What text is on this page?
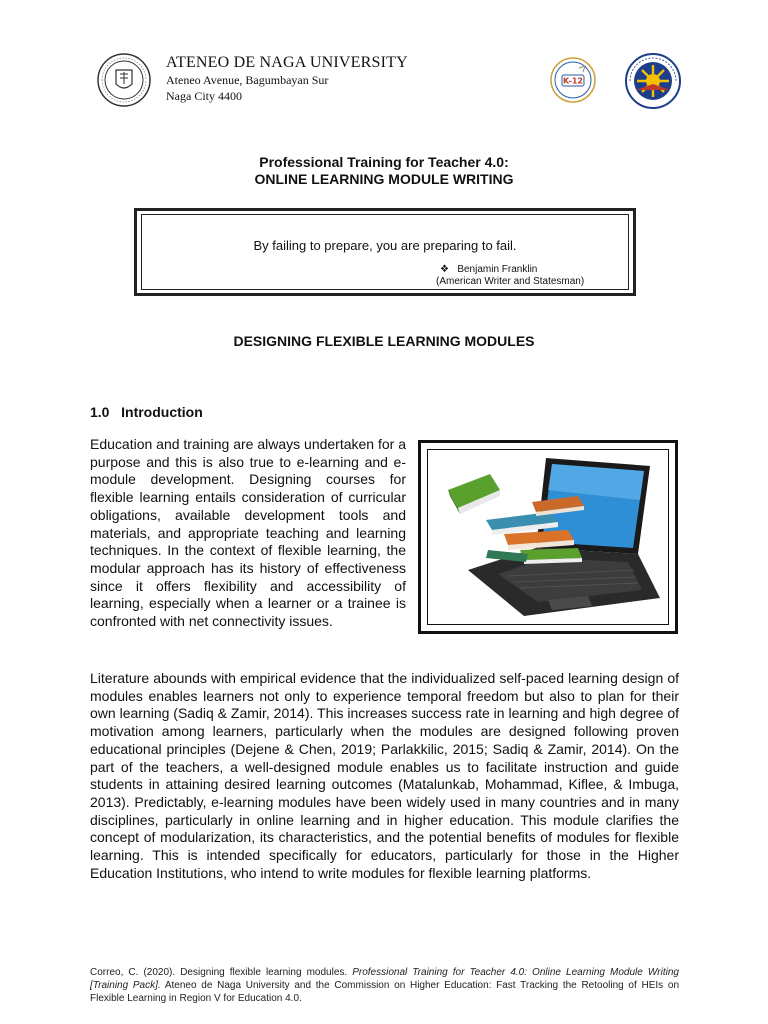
ATENEO DE NAGA UNIVERSITY
Ateneo Avenue, Bagumbayan Sur
Naga City 4400
K-12
Professional Training for Teacher 4.0:
ONLINE LEARNING MODULE WRITING
By failing to prepare, you are preparing to fail.
❖ Benjamin Franklin
(American Writer and Statesman)
DESIGNING FLEXIBLE LEARNING MODULES
1.0   Introduction
Education and training are always undertaken for a purpose and this is also true to e-learning and e-module development. Designing courses for flexible learning entails consideration of curricular obligations, available development tools and materials, and appropriate teaching and learning techniques. In the context of flexible learning, the modular approach has its history of effectiveness since it offers flexibility and accessibility of learning, especially when a learner or a trainee is confronted with net connectivity issues.
Literature abounds with empirical evidence that the individualized self-paced learning design of modules enables learners not only to experience temporal freedom but also to plan for their own learning (Sadiq & Zamir, 2014). This increases success rate in learning and high degree of motivation among learners, particularly when the modules are designed following proven educational principles (Dejene & Chen, 2019; Parlakkilic, 2015; Sadiq & Zamir, 2014). On the part of the teachers, a well-designed module enables us to facilitate instruction and guide students in attaining desired learning outcomes (Matalunkab, Mohammad, Kiflee, & Imbuga, 2013). Predictably, e-learning modules have been widely used in many countries and in many disciplines, particularly in online learning and in higher education. This module clarifies the concept of modularization, its characteristics, and the potential benefits of modules for flexible learning. This is intended specifically for educators, particularly for those in the Higher Education Institutions, who intend to write modules for flexible learning platforms.
Correo, C. (2020). Designing flexible learning modules. Professional Training for Teacher 4.0: Online Learning Module Writing [Training Pack]. Ateneo de Naga University and the Commission on Higher Education: Fast Tracking the Retooling of HEIs on Flexible Learning in Region V for Education 4.0.
